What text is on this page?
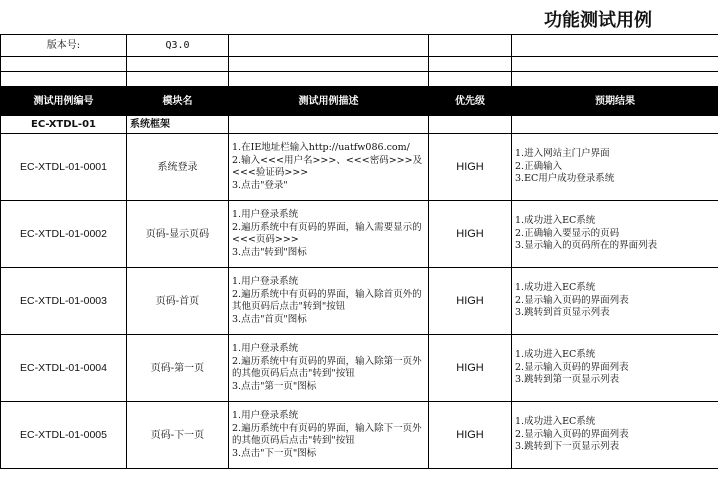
功能测试用例
版本号:	Q3.0			

测试用例编号	模块名	测试用例描述	优先级	预期结果
EC-XTDL-01	系统框架			
EC-XTDL-01-0001	系统登录	1.在IE地址栏输入http://uatfw086.com/
2.输入<<<用户名>>>、<<<密码>>>及<<<验证码>>>
3.点击"登录"	HIGH	1.进入网站主门户界面
2.正确输入
3.EC用户成功登录系统

EC-XTDL-01-0002	页码-显示页码	1.用户登录系统
2.遍历系统中有页码的界面，输入需要显示的<<<页码>>>
3.点击"转到"图标	HIGH	1.成功进入EC系统
2.正确输入要显示的页码
3.显示输入的页码所在的界面列表

EC-XTDL-01-0003	页码-首页	1.用户登录系统
2.遍历系统中有页码的界面，输入除首页外的其他页码后点击"转到"按钮
3.点击"首页"图标	HIGH	1.成功进入EC系统
2.显示输入页码的界面列表
3.跳转到首页显示列表

EC-XTDL-01-0004	页码-第一页	1.用户登录系统
2.遍历系统中有页码的界面，输入除第一页外的其他页码后点击"转到"按钮
3.点击"第一页"图标	HIGH	1.成功进入EC系统
2.显示输入页码的界面列表
3.跳转到第一页显示列表

EC-XTDL-01-0005	页码-下一页	1.用户登录系统
2.遍历系统中有页码的界面，输入除下一页外的其他页码后点击"转到"按钮
3.点击"下一页"图标	HIGH	1.成功进入EC系统
2.显示输入页码的界面列表
3.跳转到下一页显示列表
